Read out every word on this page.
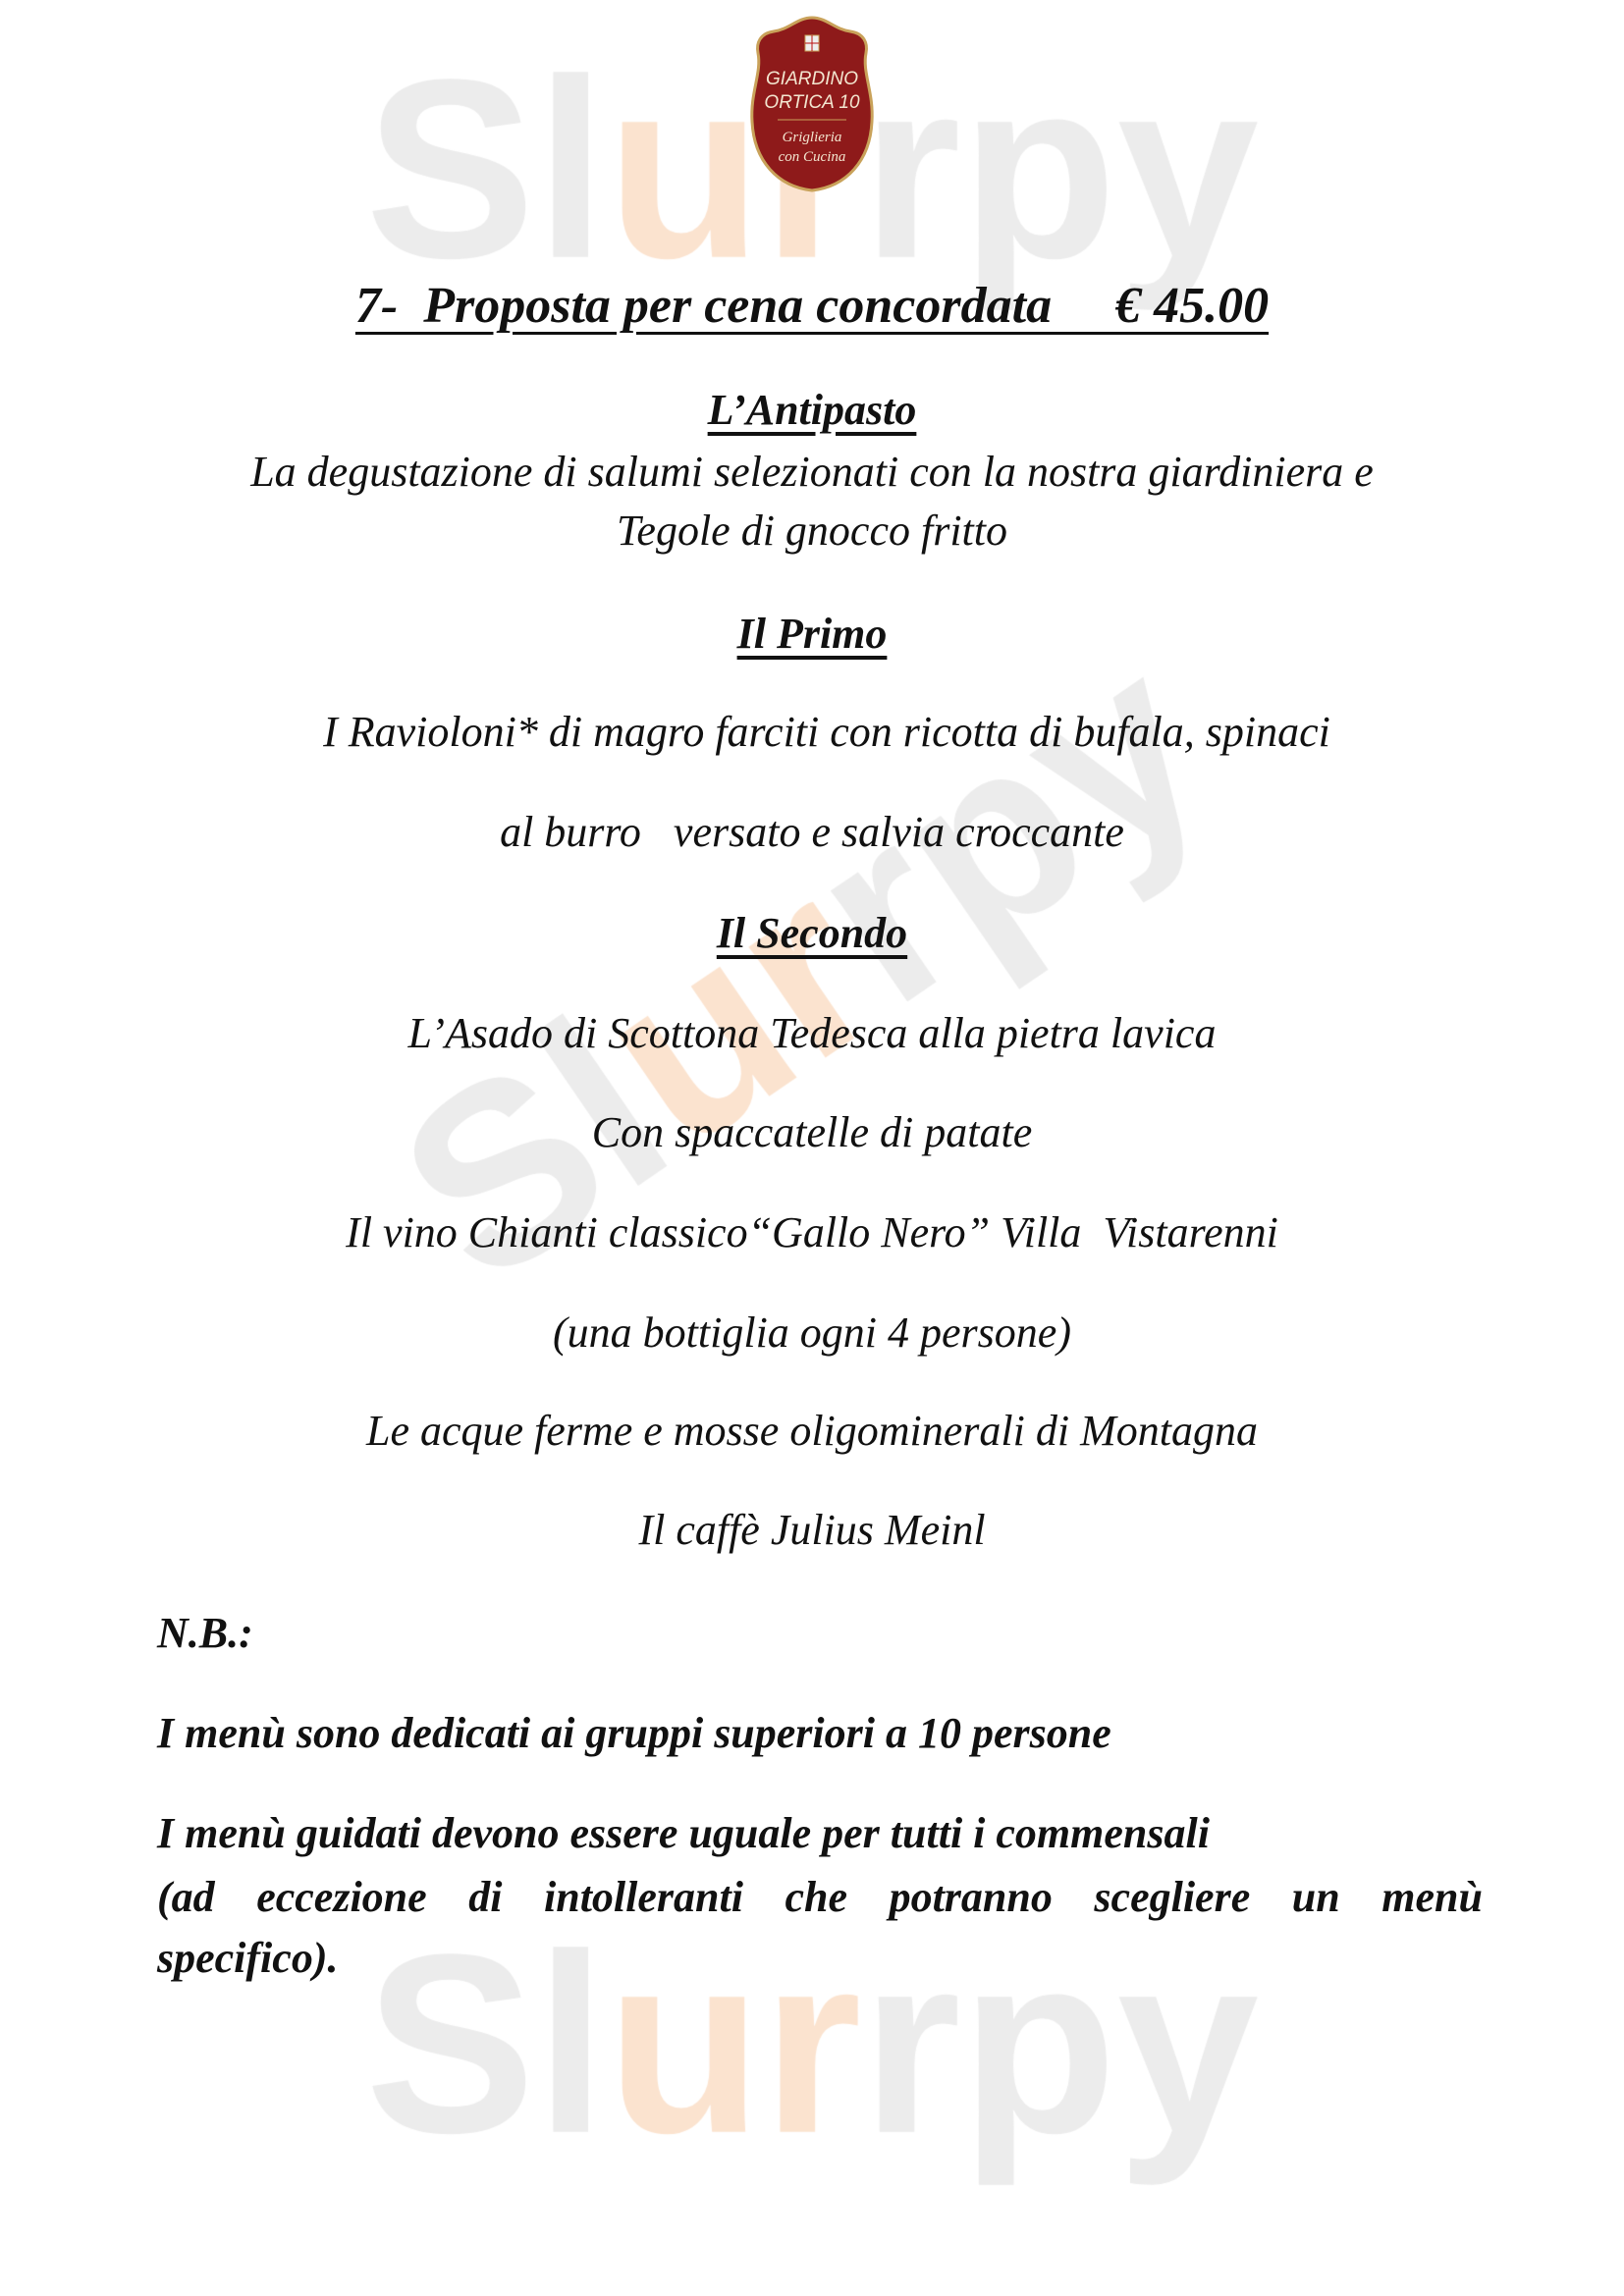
GIARDINO
ORTICA 10
Griglieria
con Cucina
7-  Proposta per cena concordata     € 45.00
L’Antipasto
La degustazione di salumi selezionati con la nostra giardiniera e
Tegole di gnocco fritto
Il Primo
I Ravioloni* di magro farciti con ricotta di bufala, spinaci
al burro   versato e salvia croccante
Il Secondo
L’Asado di Scottona Tedesca alla pietra lavica
Con spaccatelle di patate
Il vino Chianti classico“Gallo Nero” Villa  Vistarenni
(una bottiglia ogni 4 persone)
Le acque ferme e mosse oligominerali di Montagna
Il caffè Julius Meinl
N.B.:
I menù sono dedicati ai gruppi superiori a 10 persone
I menù guidati devono essere uguale per tutti i commensali
(ad eccezione di intolleranti che potranno scegliere un menù specifico).
